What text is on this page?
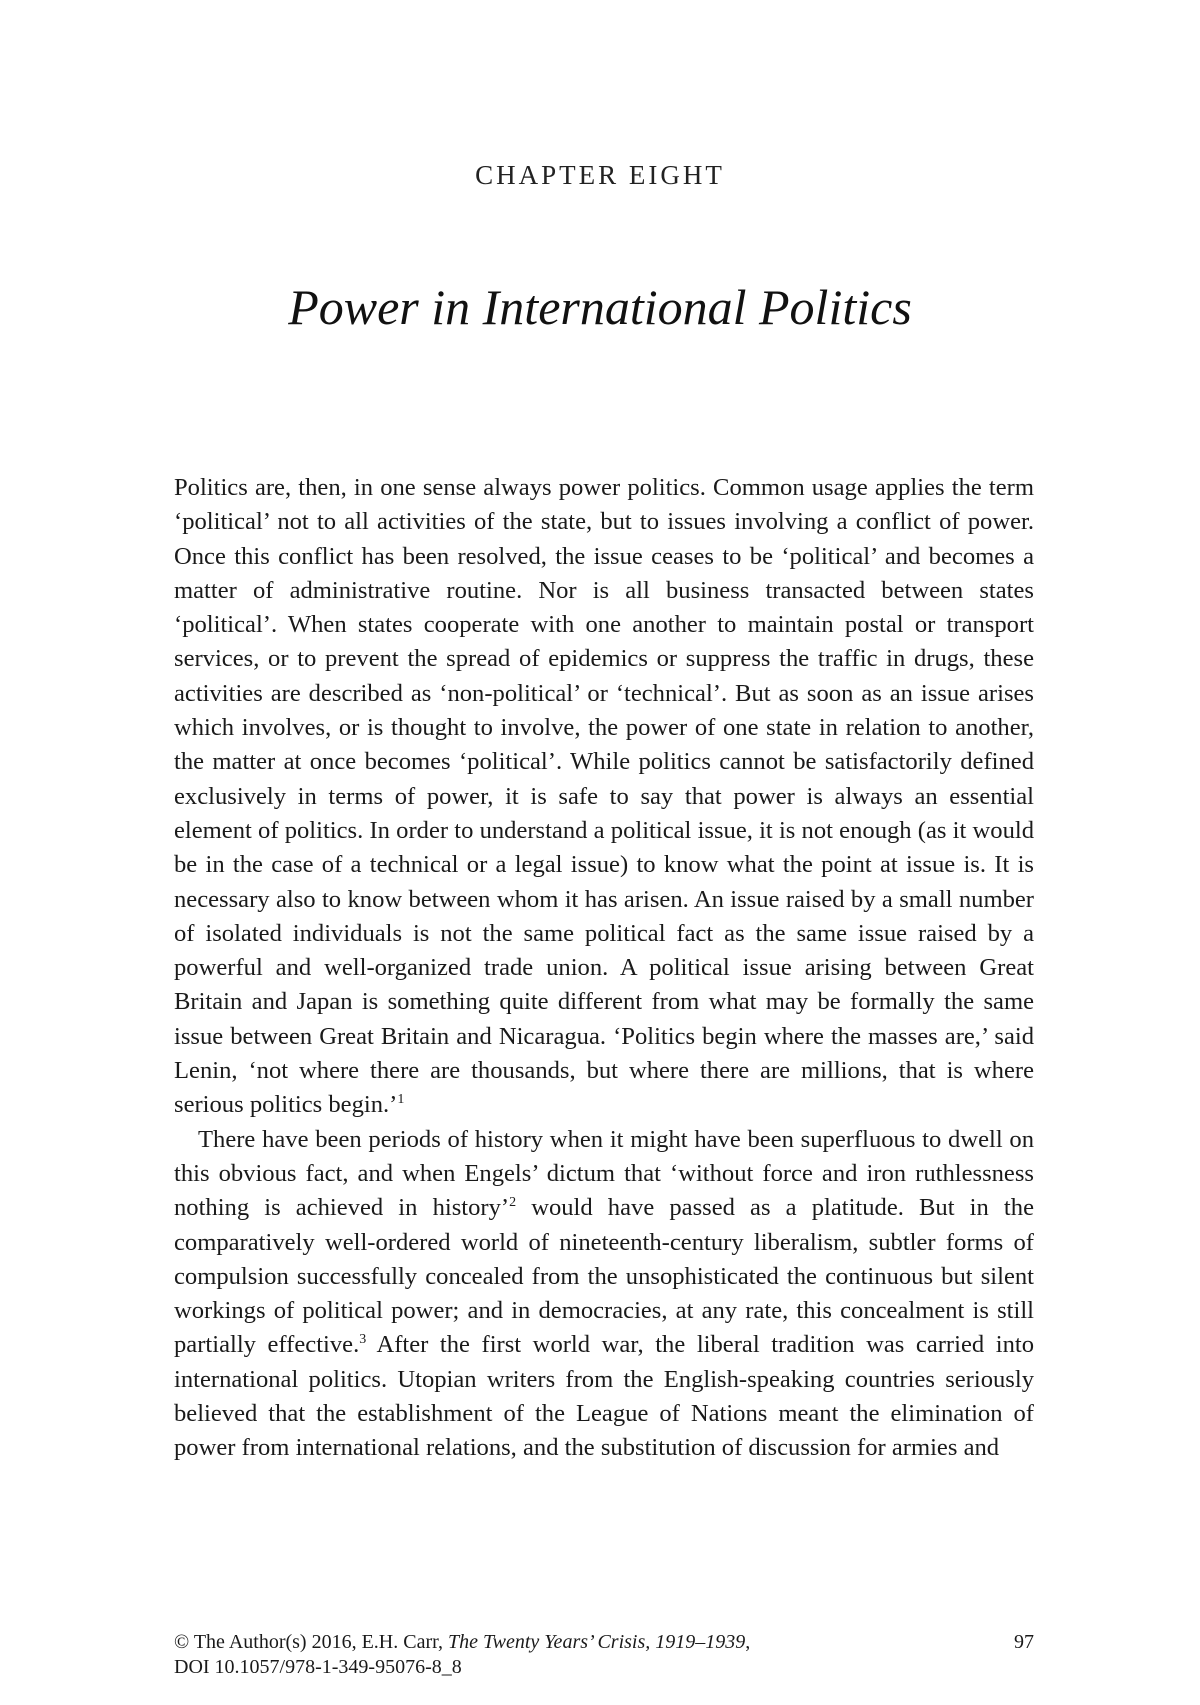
CHAPTER EIGHT
Power in International Politics

Politics are, then, in one sense always power politics. Common usage applies the term ‘political’ not to all activities of the state, but to issues involving a conflict of power. Once this conflict has been resolved, the issue ceases to be ‘political’ and becomes a matter of administrative routine. Nor is all business transacted between states ‘political’. When states cooperate with one another to maintain postal or transport services, or to prevent the spread of epidemics or suppress the traffic in drugs, these activities are described as ‘non-political’ or ‘technical’. But as soon as an issue arises which involves, or is thought to involve, the power of one state in relation to another, the matter at once becomes ‘political’. While politics cannot be satisfactorily defined exclusively in terms of power, it is safe to say that power is always an essential element of politics. In order to understand a political issue, it is not enough (as it would be in the case of a technical or a legal issue) to know what the point at issue is. It is necessary also to know between whom it has arisen. An issue raised by a small number of isolated individuals is not the same political fact as the same issue raised by a powerful and well-organized trade union. A political issue arising between Great Britain and Japan is something quite different from what may be formally the same issue between Great Britain and Nicaragua. ‘Politics begin where the masses are,’ said Lenin, ‘not where there are thousands, but where there are millions, that is where serious politics begin.’$^1$

There have been periods of history when it might have been superfluous to dwell on this obvious fact, and when Engels’ dictum that ‘without force and iron ruthlessness nothing is achieved in history’$^2$ would have passed as a platitude. But in the comparatively well-ordered world of nineteenth-century liberalism, subtler forms of compulsion successfully concealed from the unsophisticated the continuous but silent workings of political power; and in democracies, at any rate, this concealment is still partially effective.$^3$ After the first world war, the liberal tradition was carried into international politics. Utopian writers from the English-speaking countries seriously believed that the establishment of the League of Nations meant the elimination of power from international relations, and the substitution of discussion for armies and

© The Author(s) 2016, E.H. Carr, The Twenty Years’ Crisis, 1919–1939,	97
DOI 10.1057/978-1-349-95076-8_8
